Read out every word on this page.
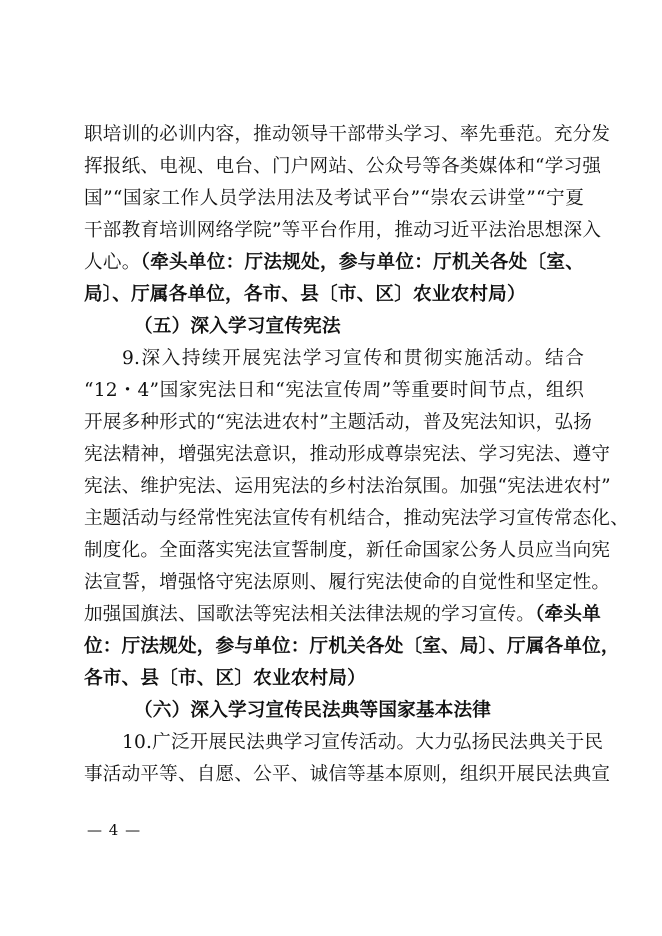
职培训的必训内容，推动领导干部带头学习、率先垂范。充分发
挥报纸、电视、电台、门户网站、公众号等各类媒体和“学习强
国”“国家工作人员学法用法及考试平台”“崇农云讲堂”“宁夏
干部教育培训网络学院”等平台作用，推动习近平法治思想深入
人心。（牵头单位：厅法规处，参与单位：厅机关各处〔室、
局〕、厅属各单位，各市、县〔市、区〕农业农村局）
（五）深入学习宣传宪法
9.深入持续开展宪法学习宣传和贯彻实施活动。结合
“12・4”国家宪法日和“宪法宣传周”等重要时间节点，组织
开展多种形式的“宪法进农村”主题活动，普及宪法知识，弘扬
宪法精神，增强宪法意识，推动形成尊崇宪法、学习宪法、遵守
宪法、维护宪法、运用宪法的乡村法治氛围。加强“宪法进农村”
主题活动与经常性宪法宣传有机结合，推动宪法学习宣传常态化、
制度化。全面落实宪法宣誓制度，新任命国家公务人员应当向宪
法宣誓，增强恪守宪法原则、履行宪法使命的自觉性和坚定性。
加强国旗法、国歌法等宪法相关法律法规的学习宣传。（牵头单
位：厅法规处，参与单位：厅机关各处〔室、局〕、厅属各单位，
各市、县〔市、区〕农业农村局）
（六）深入学习宣传民法典等国家基本法律
10.广泛开展民法典学习宣传活动。大力弘扬民法典关于民
事活动平等、自愿、公平、诚信等基本原则，组织开展民法典宣
— 4 —
